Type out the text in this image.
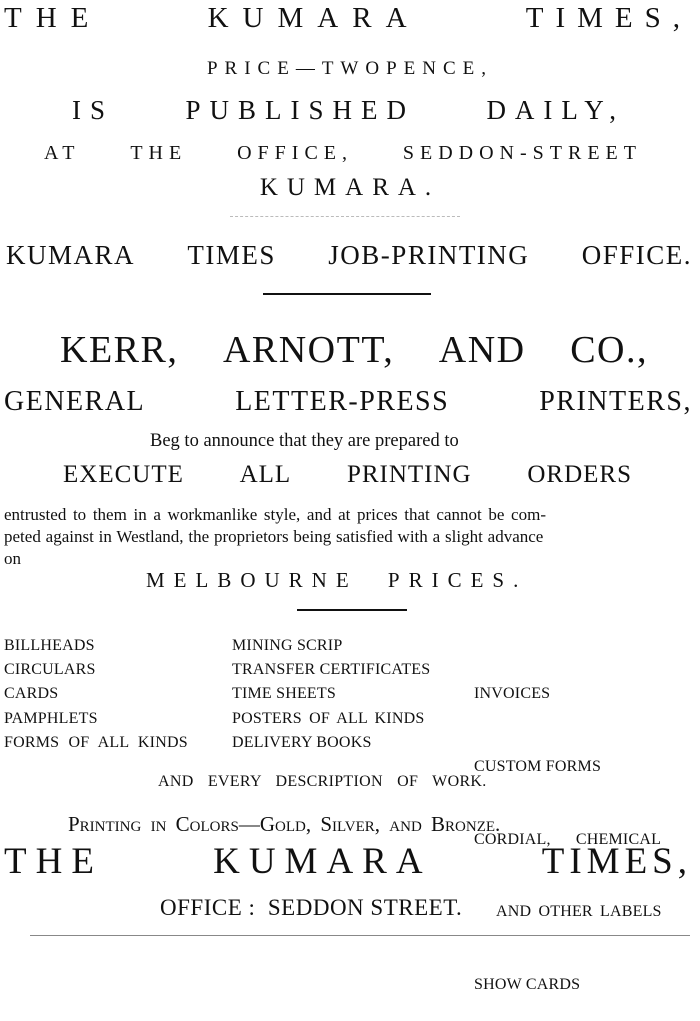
THE	KUMARA	TIMES,
PRICE—TWOPENCE,
IS	PUBLISHED	DAILY,
AT THE OFFICE, SEDDON-STREET
KUMARA.
KUMARA TIMES JOB-PRINTING OFFICE.
KERR, ARNOTT, AND CO.,
GENERAL	LETTER-PRESS	PRINTERS,
Beg to announce that they are prepared to
EXECUTE ALL PRINTING ORDERS
entrusted to them in a workmanlike style, and at prices that cannot be com-
peted against in Westland, the proprietors being satisfied with a slight advance
on
MELBOURNE PRICES.
BILLHEADS
CIRCULARS
CARDS
PAMPHLETS
FORMS OF ALL KINDS
MINING SCRIP
TRANSFER CERTIFICATES
TIME SHEETS
POSTERS OF ALL KINDS
DELIVERY BOOKS

INVOICES

CUSTOM FORMS

CORDIAL,      CHEMICAL

AND OTHER LABELS

SHOW CARDS

AND EVERY DESCRIPTION OF WORK.
Printing in Colors—Gold, Silver, and Bronze.
THE	KUMARA	TIMES,
OFFICE :  SEDDON STREET.
